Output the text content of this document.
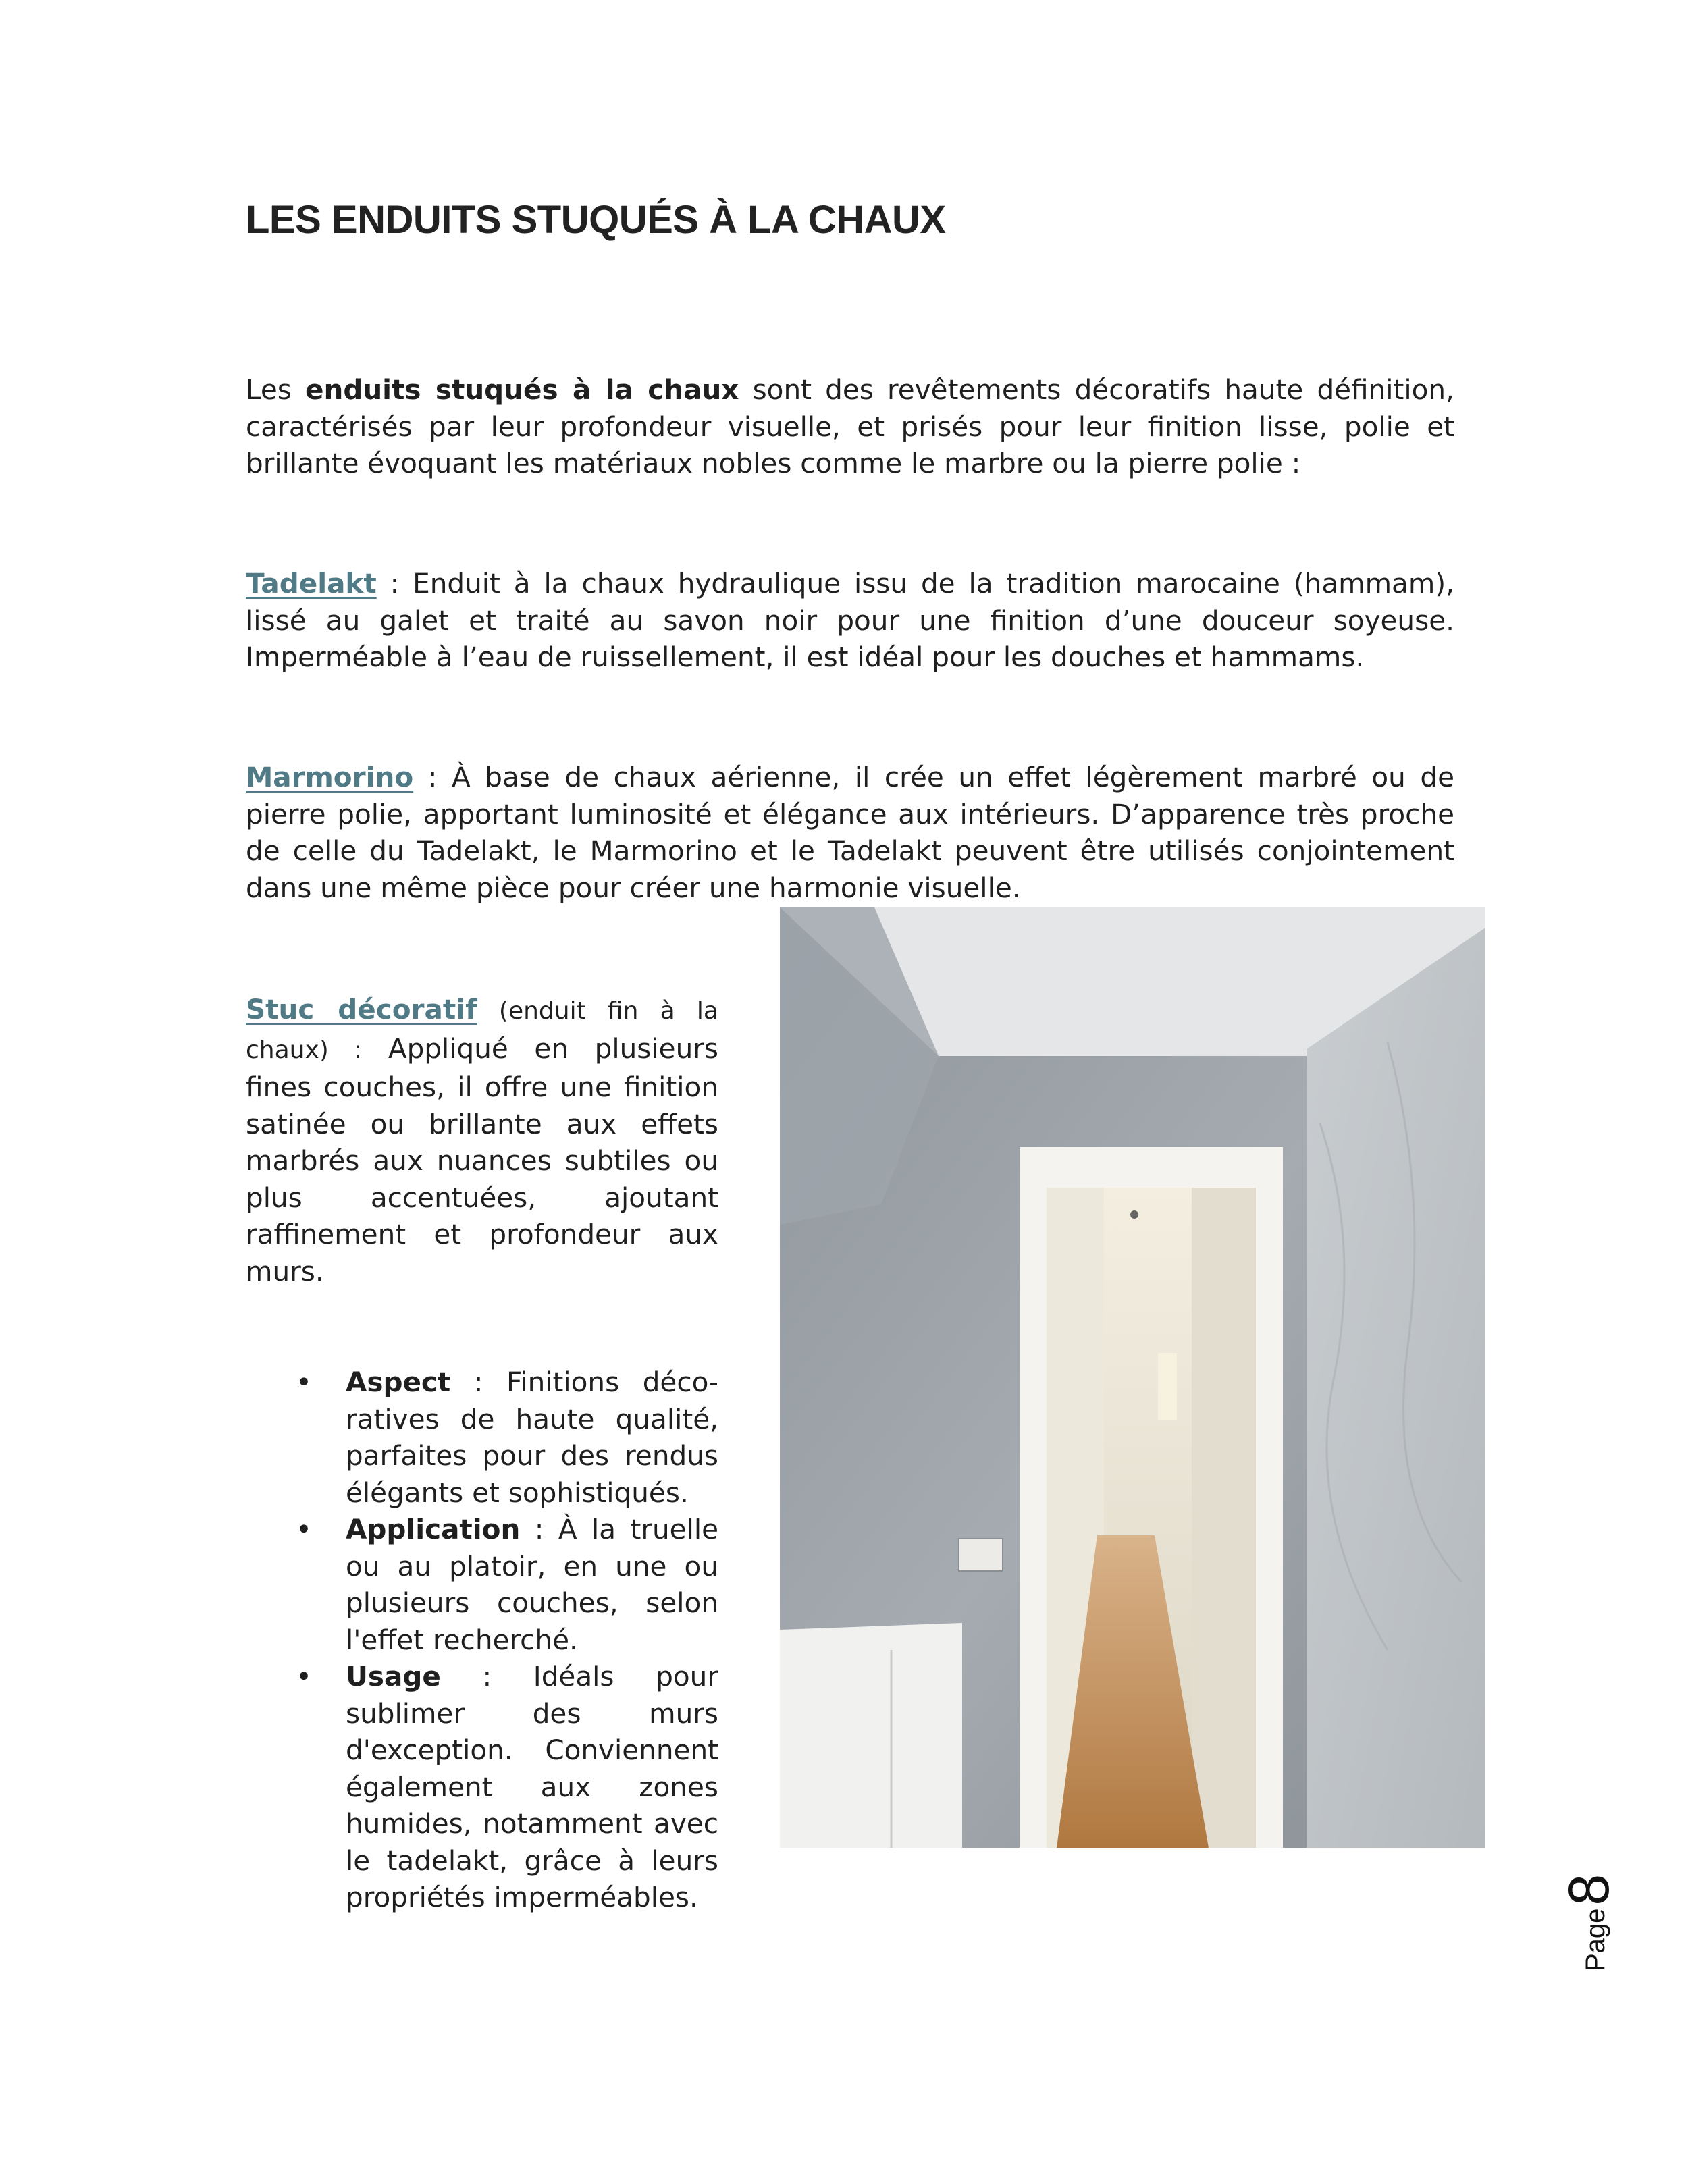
LES ENDUITS STUQUÉS À LA CHAUX

Les enduits stuqués à la chaux sont des revêtements décoratifs haute définition, caractérisés par leur profondeur visuelle, et prisés pour leur finition lisse, polie et brillante évoquant les matériaux nobles comme le marbre ou la pierre polie :

Tadelakt : Enduit à la chaux hydraulique issu de la tradition marocaine (hammam), lissé au galet et traité au savon noir pour une finition d’une douceur soyeuse. Imperméable à l’eau de ruissellement, il est idéal pour les douches et hammams.

Marmorino : À base de chaux aérienne, il crée un effet légèrement marbré ou de pierre polie, apportant luminosité et élégance aux intérieurs. D’apparence très proche de celle du Tadelakt, le Marmorino et le Tadelakt peuvent être utilisés conjointement dans une même pièce pour créer une harmonie visuelle.

Stuc décoratif (enduit fin à la chaux) : Appliqué en plusieurs fines couches, il offre une finition satinée ou brillante aux effets marbrés aux nuances subtiles ou plus accentuées, ajoutant raffinement et profondeur aux murs.

• Aspect : Finitions décoratives de haute qualité, parfaites pour des rendus élégants et sophistiqués.
• Application : À la truelle ou au platoir, en une ou plusieurs couches, selon l'effet recherché.
• Usage : Idéals pour sublimer des murs d'exception. Conviennent également aux zones humides, notamment avec le tadelakt, grâce à leurs propriétés imperméables.
Page
8
